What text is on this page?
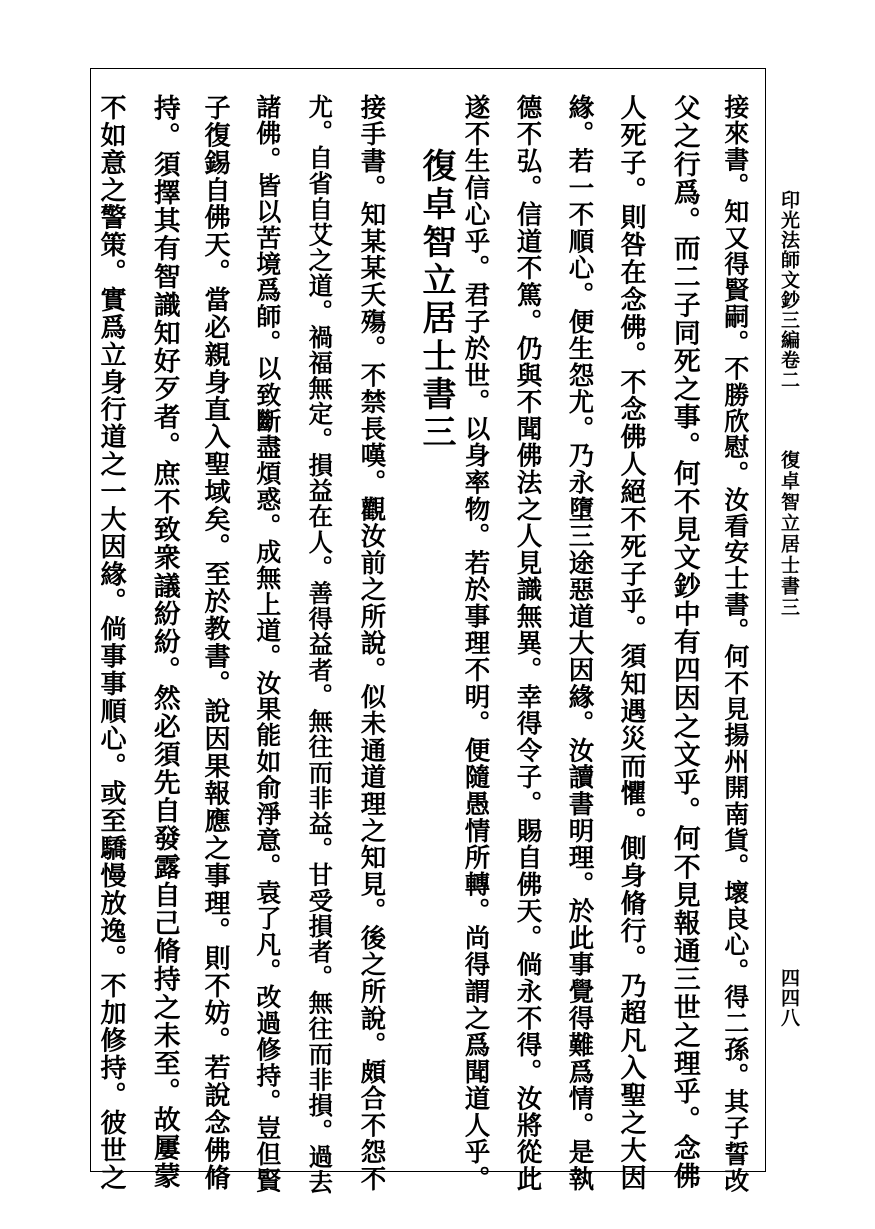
印光法師文鈔三編卷二
復卓智立居士書三
四四八
接來書。知又得賢嗣。不勝欣慰。汝看安士書。何不見揚州開南貨。壞良心。得二孫。其子誓改
父之行爲。而二子同死之事。何不見文鈔中有四因之文乎。何不見報通三世之理乎。念佛
人死子。則咎在念佛。不念佛人絕不死子乎。須知遇災而懼。側身脩行。乃超凡入聖之大因
緣。若一不順心。便生怨尤。乃永墮三途惡道大因緣。汝讀書明理。於此事覺得難爲情。是執
德不弘。信道不篤。仍與不聞佛法之人見識無異。幸得令子。賜自佛天。倘永不得。汝將從此
遂不生信心乎。君子於世。以身率物。若於事理不明。便隨愚情所轉。尚得謂之爲聞道人乎。
復卓智立居士書三
接手書。知某某夭殤。不禁長嘆。觀汝前之所說。似未通道理之知見。後之所說。頗合不怨不
尤。自省自艾之道。禍福無定。損益在人。善得益者。無往而非益。甘受損者。無往而非損。過去
諸佛。皆以苦境爲師。以致斷盡煩惑。成無上道。汝果能如俞淨意。袁了凡。改過修持。豈但賢
子復錫自佛天。當必親身直入聖域矣。至於教書。說因果報應之事理。則不妨。若說念佛脩
持。須擇其有智識知好歹者。庶不致衆議紛紛。然必須先自發露自己脩持之未至。故屢蒙
不如意之警策。實爲立身行道之一大因緣。倘事事順心。或至驕慢放逸。不加修持。彼世之
